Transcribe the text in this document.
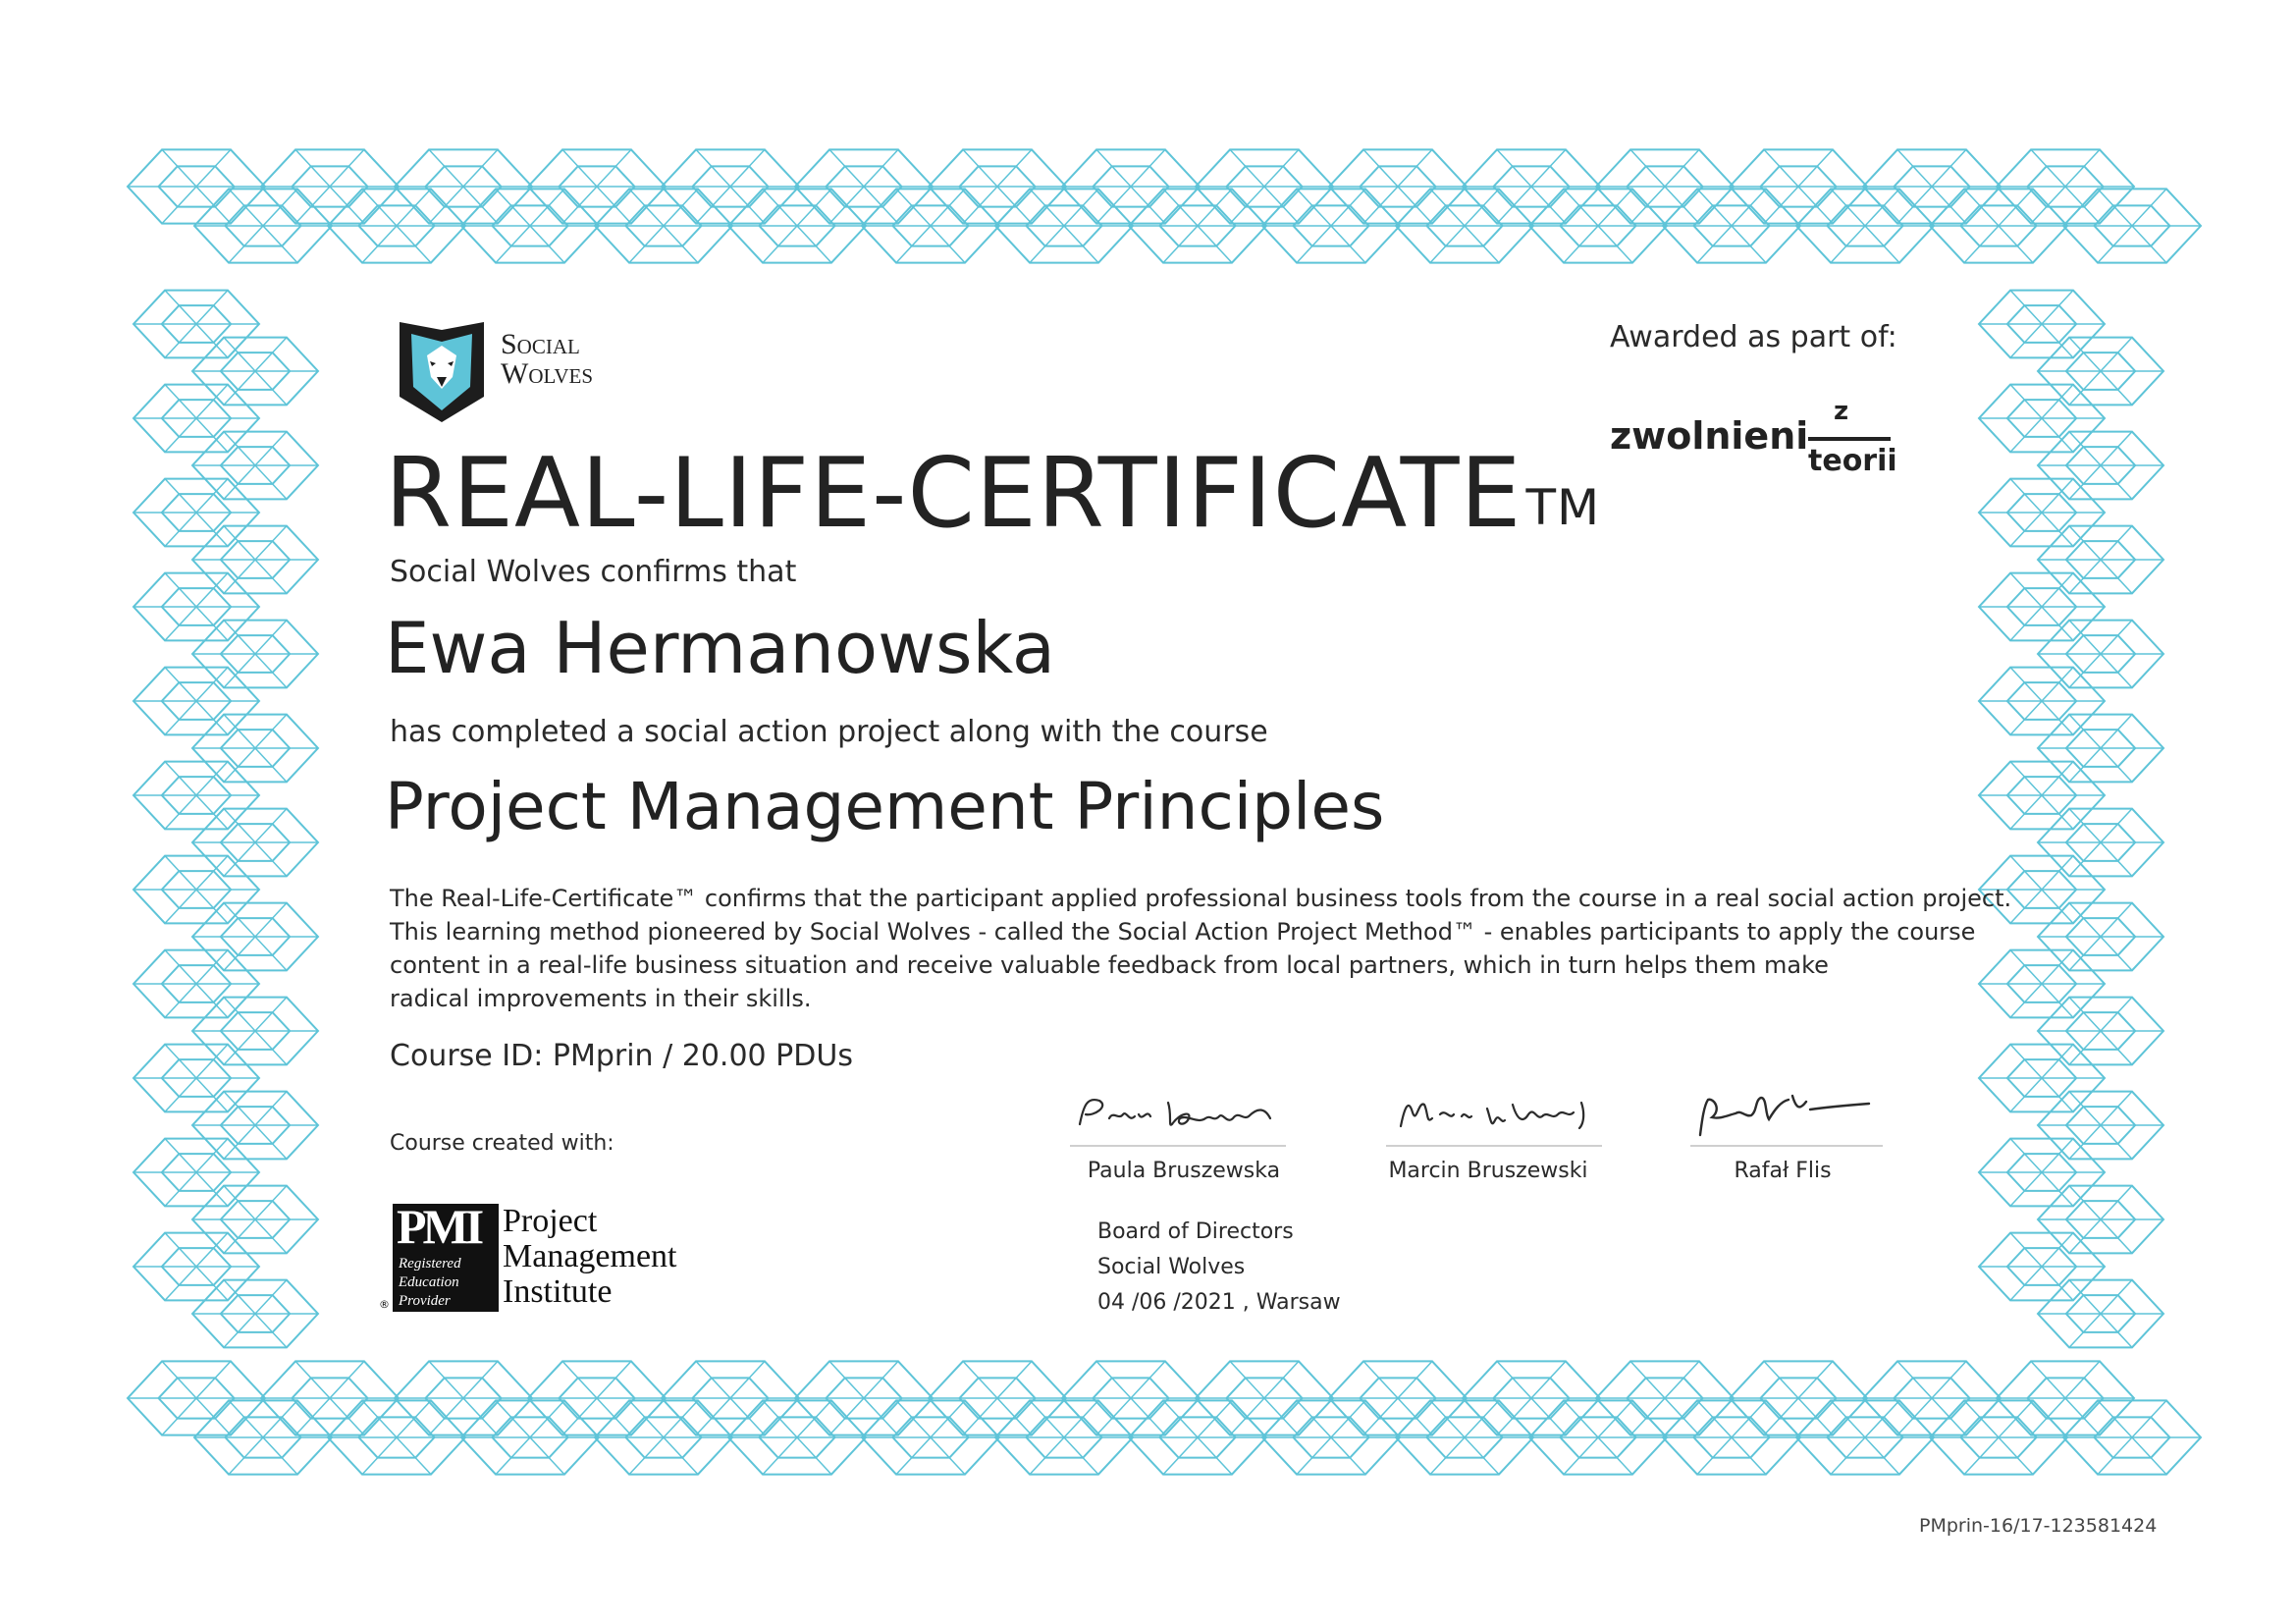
Social
Wolves
Awarded as part of:
zwolnieni
z
teorii
REAL-LIFE-CERTIFICATE™
Social Wolves confirms that
Ewa Hermanowska
has completed a social action project along with the course
Project Management Principles

The Real-Life-Certificate™ confirms that the participant applied professional business tools from the course in a real social action project.

This learning method pioneered by Social Wolves - called the Social Action Project Method™ - enables participants to apply the course

content in a real-life business situation and receive valuable feedback from local partners, which in turn helps them make

radical improvements in their skills.

Course ID: PMprin / 20.00 PDUs
Course created with:
PMI
Registered
Education
Provider
®
Project
Management
Institute
Paula Bruszewska	Marcin Bruszewski	Rafał Flis
Board of Directors
Social Wolves
04 /06 /2021 , Warsaw
PMprin-16/17-123581424
